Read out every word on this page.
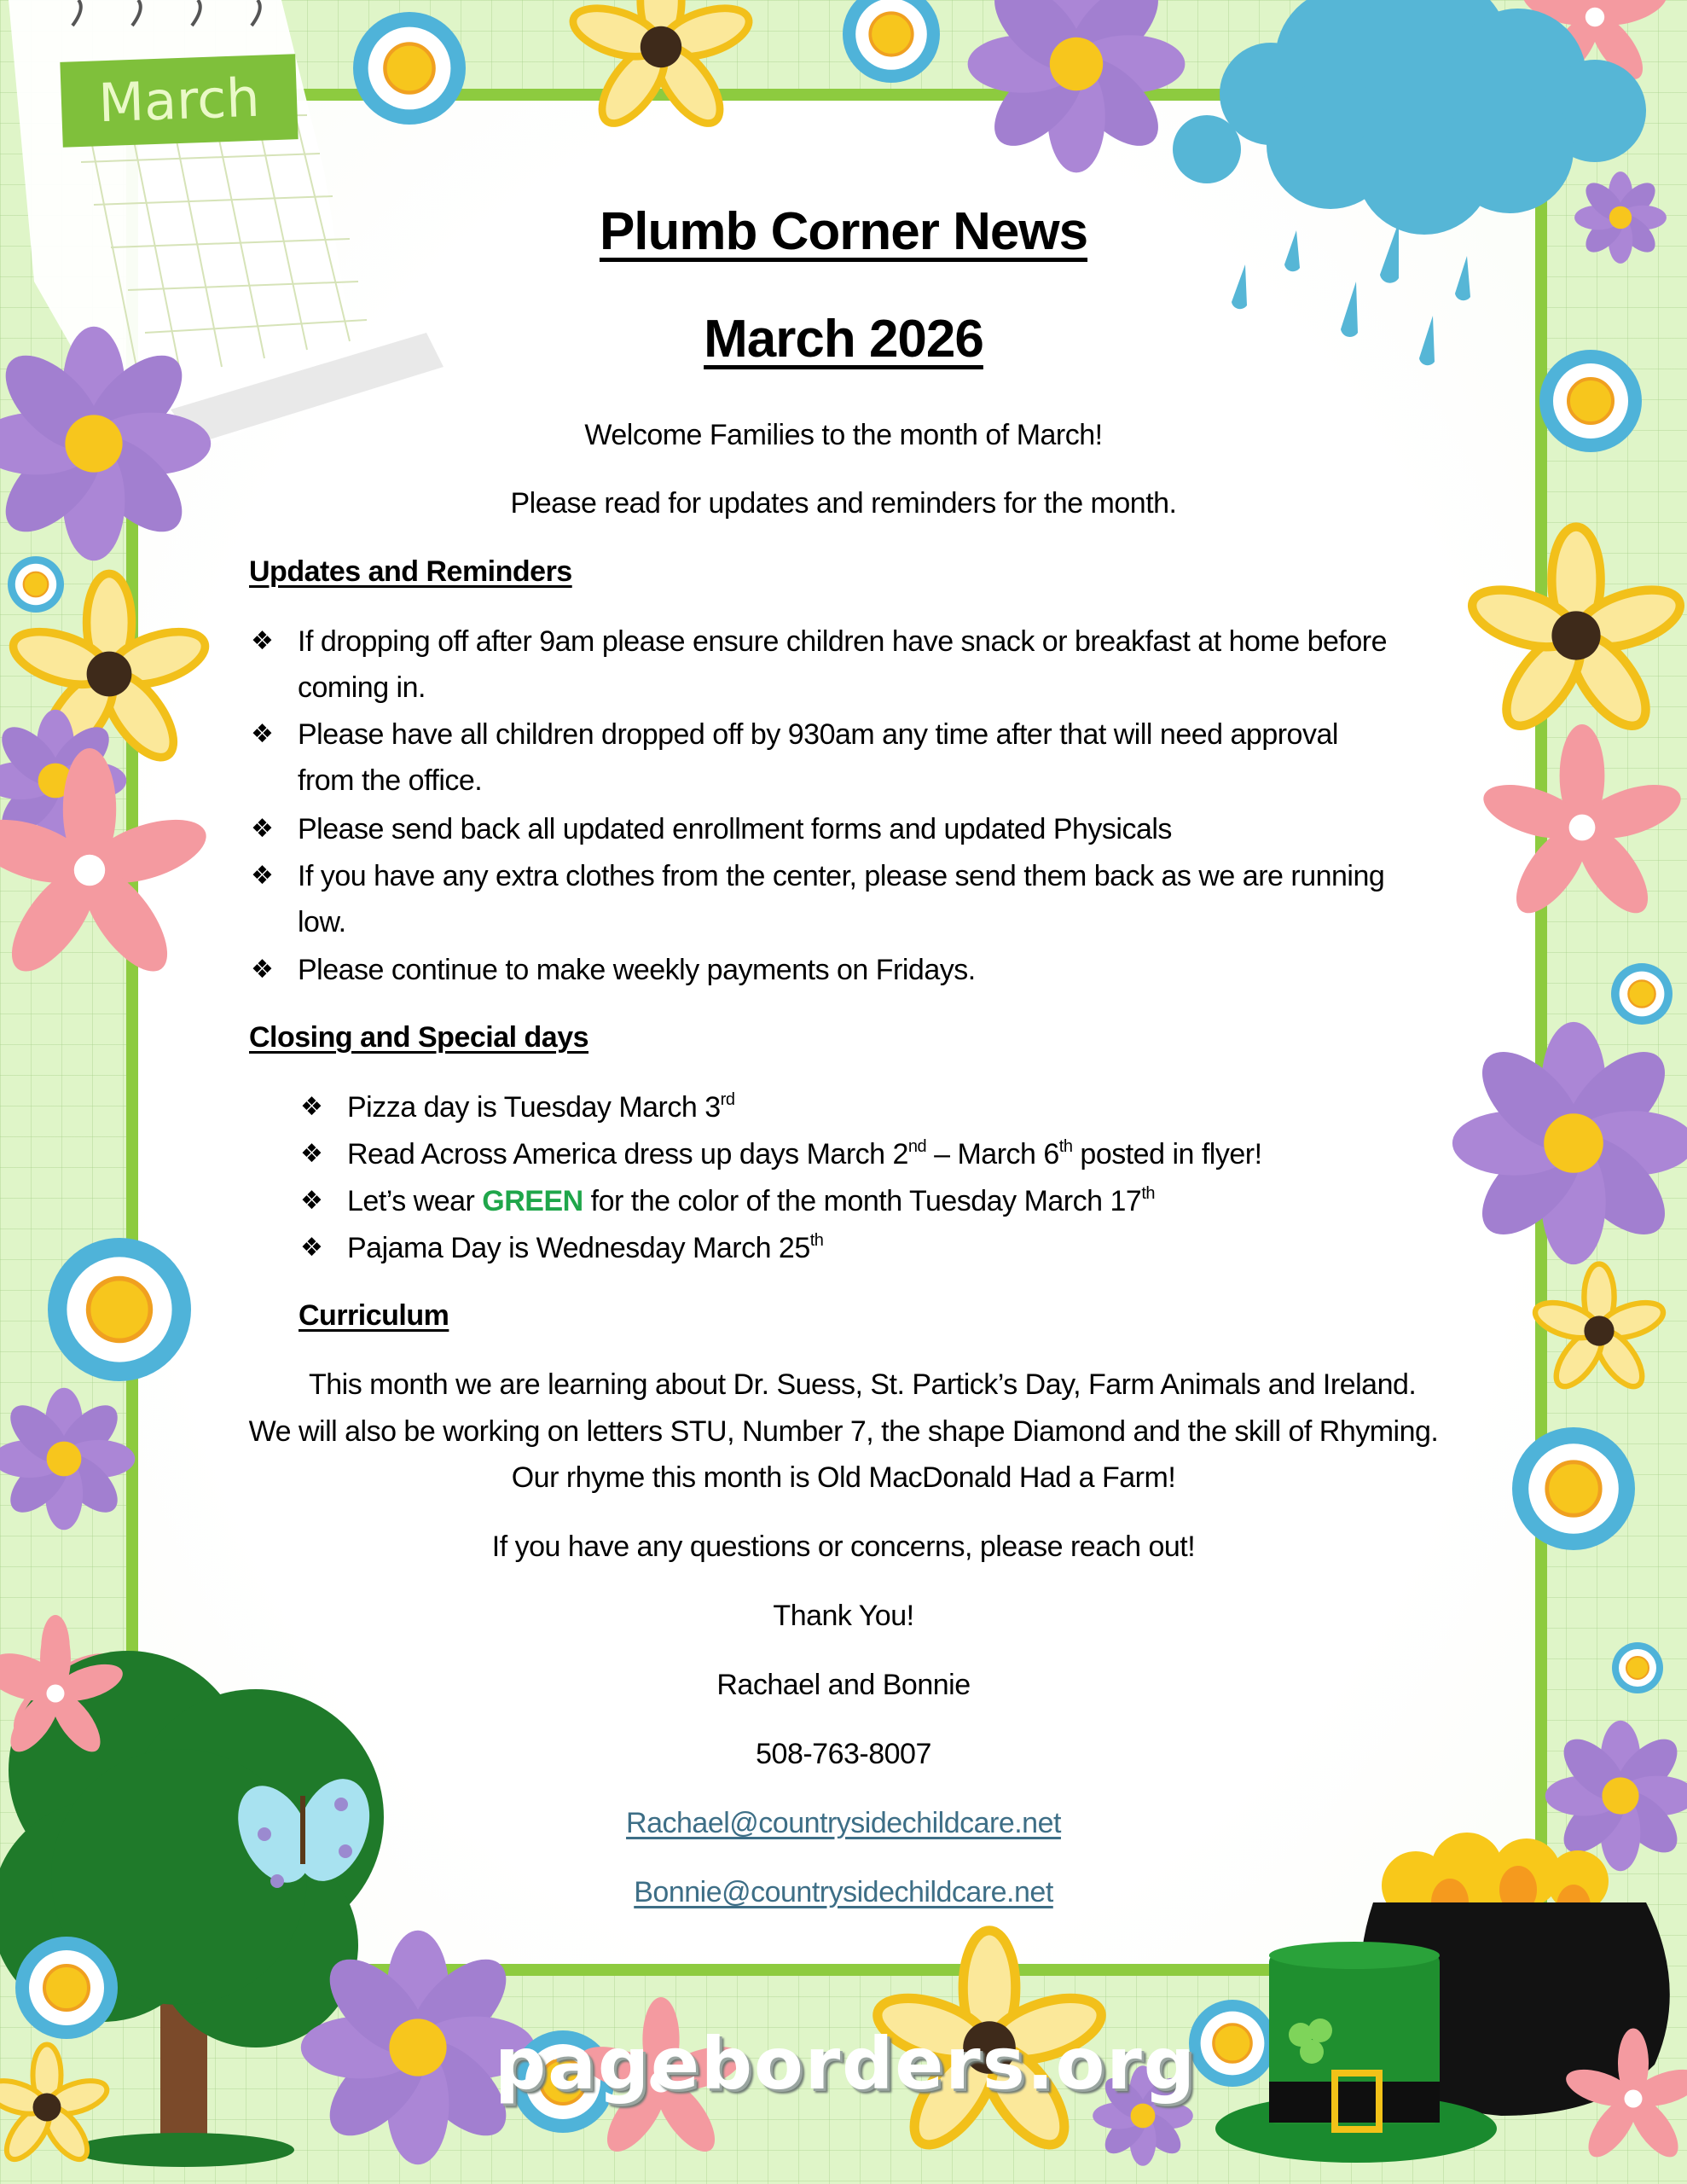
March
pageborders.org
Plumb Corner News
March 2026
Welcome Families to the month of March!
Please read for updates and reminders for the month.
Updates and Reminders
❖ If dropping off after 9am please ensure children have snack or breakfast at home before
coming in.
❖ Please have all children dropped off by 930am any time after that will need approval
from the office.
❖ Please send back all updated enrollment forms and updated Physicals
❖ If you have any extra clothes from the center, please send them back as we are running
low.
❖ Please continue to make weekly payments on Fridays.
Closing and Special days
❖ Pizza day is Tuesday March 3rd
❖ Read Across America dress up days March 2nd – March 6th posted in flyer!
❖ Let’s wear GREEN for the color of the month Tuesday March 17th
❖ Pajama Day is Wednesday March 25th
Curriculum
This month we are learning about Dr. Suess, St. Partick’s Day, Farm Animals and Ireland.
We will also be working on letters STU, Number 7, the shape Diamond and the skill of Rhyming.
Our rhyme this month is Old MacDonald Had a Farm!
If you have any questions or concerns, please reach out!
Thank You!
Rachael and Bonnie
508-763-8007
Rachael@countrysidechildcare.net
Bonnie@countrysidechildcare.net
